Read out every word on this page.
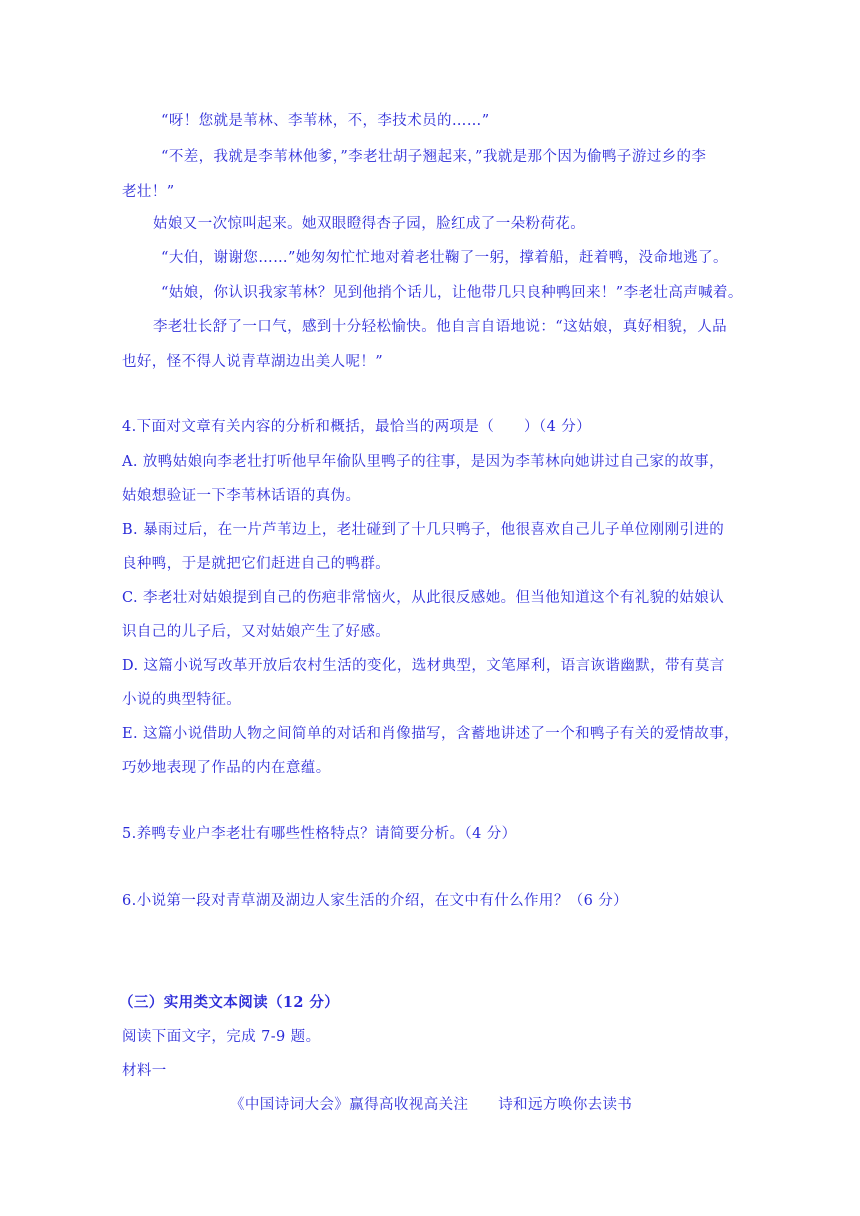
“呀！您就是苇林、李苇林，不，李技术员的……”
“不差，我就是李苇林他爹，”李老壮胡子翘起来，”我就是那个因为偷鸭子游过乡的李
老壮！”
姑娘又一次惊叫起来。她双眼瞪得杏子园，脸红成了一朵粉荷花。
“大伯，谢谢您……”她匆匆忙忙地对着老壮鞠了一躬，撑着船，赶着鸭，没命地逃了。
“姑娘，你认识我家苇林？见到他捎个话儿，让他带几只良种鸭回来！”李老壮高声喊着。
李老壮长舒了一口气，感到十分轻松愉快。他自言自语地说：“这姑娘，真好相貌，人品
也好，怪不得人说青草湖边出美人呢！”
4.下面对文章有关内容的分析和概括，最恰当的两项是（　　）（4 分）
A. 放鸭姑娘向李老壮打听他早年偷队里鸭子的往事，是因为李苇林向她讲过自己家的故事，
姑娘想验证一下李苇林话语的真伪。
B. 暴雨过后，在一片芦苇边上，老壮碰到了十几只鸭子，他很喜欢自己儿子单位刚刚引进的
良种鸭，于是就把它们赶进自己的鸭群。
C. 李老壮对姑娘提到自己的伤疤非常恼火，从此很反感她。但当他知道这个有礼貌的姑娘认
识自己的儿子后，又对姑娘产生了好感。
D. 这篇小说写改革开放后农村生活的变化，选材典型，文笔犀利，语言诙谐幽默，带有莫言
小说的典型特征。
E. 这篇小说借助人物之间简单的对话和肖像描写，含蓄地讲述了一个和鸭子有关的爱情故事，
巧妙地表现了作品的内在意蕴。
5.养鸭专业户李老壮有哪些性格特点？请简要分析。（4 分）
6.小说第一段对青草湖及湖边人家生活的介绍，在文中有什么作用？（6 分）
（三）实用类文本阅读（12 分）
阅读下面文字，完成 7-9 题。
材料一
《中国诗词大会》赢得高收视高关注　　诗和远方唤你去读书
